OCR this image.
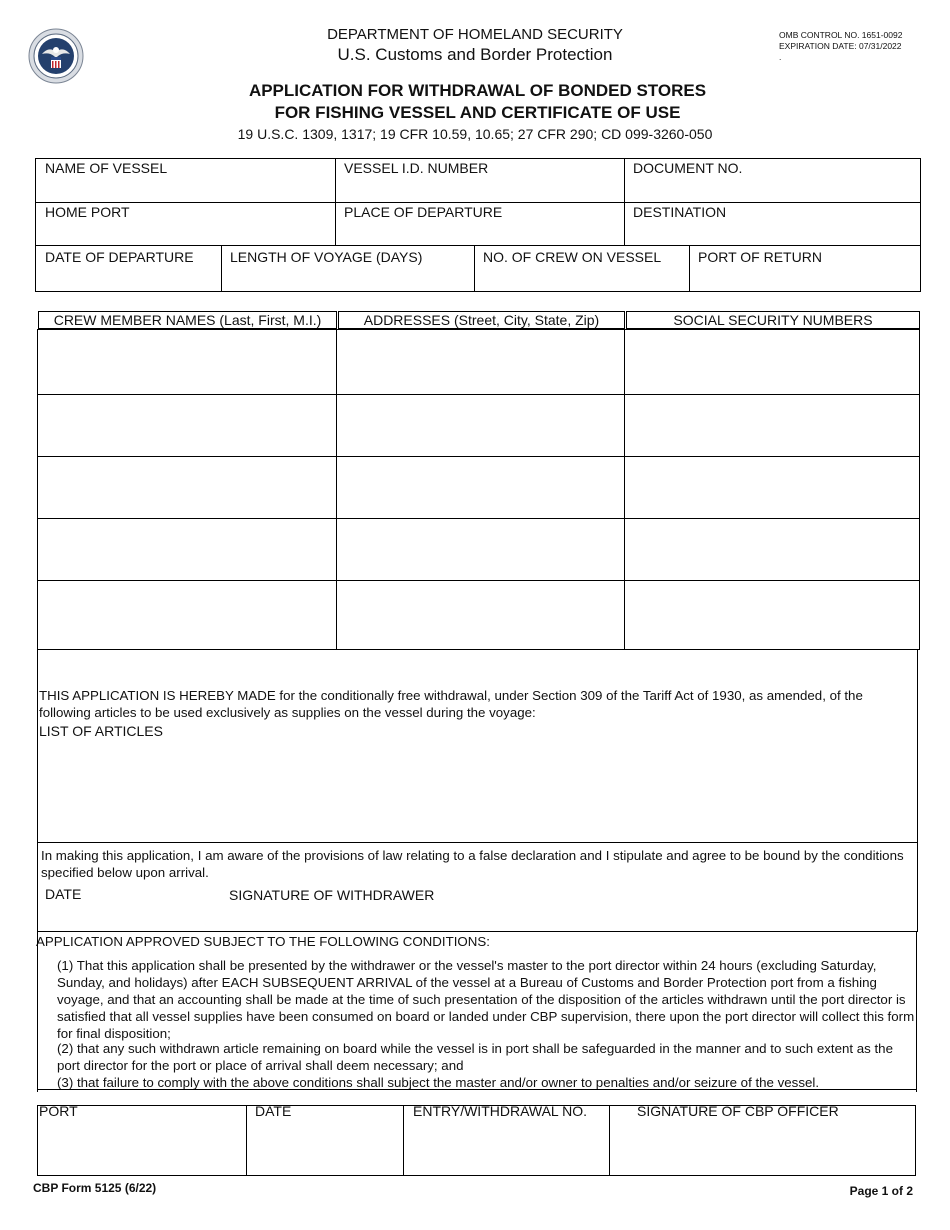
DEPARTMENT OF HOMELAND SECURITY
U.S. Customs and Border Protection
OMB CONTROL NO. 1651-0092
EXPIRATION DATE: 07/31/2022
.
APPLICATION FOR WITHDRAWAL OF BONDED STORES
FOR FISHING VESSEL AND CERTIFICATE OF USE
19 U.S.C. 1309, 1317; 19 CFR 10.59, 10.65; 27 CFR 290; CD 099-3260-050
NAME OF VESSEL	VESSEL I.D. NUMBER	DOCUMENT NO.
HOME PORT	PLACE OF DEPARTURE	DESTINATION
DATE OF DEPARTURE	LENGTH OF VOYAGE (DAYS)	NO. OF CREW ON VESSEL	PORT OF RETURN
CREW MEMBER NAMES (Last, First, M.I.)	ADDRESSES (Street, City, State, Zip)	SOCIAL SECURITY NUMBERS
THIS APPLICATION IS HEREBY MADE for the conditionally free withdrawal, under Section 309 of the Tariff Act of 1930, as amended, of the following articles to be used exclusively as supplies on the vessel during the voyage:
LIST OF ARTICLES
In making this application, I am aware of the provisions of law relating to a false declaration and I stipulate and agree to be bound by the conditions specified below upon arrival.
DATE	SIGNATURE OF WITHDRAWER
APPLICATION APPROVED SUBJECT TO THE FOLLOWING CONDITIONS:
(1) That this application shall be presented by the withdrawer or the vessel's master to the port director within 24 hours (excluding Saturday, Sunday, and holidays) after EACH SUBSEQUENT ARRIVAL of the vessel at a Bureau of Customs and Border Protection port from a fishing voyage, and that an accounting shall be made at the time of such presentation of the disposition of the articles withdrawn until the port director is satisfied that all vessel supplies have been consumed on board or landed under CBP supervision, there upon the port director will collect this form for final disposition;
(2) that any such withdrawn article remaining on board while the vessel is in port shall be safeguarded in the manner and to such extent as the port director for the port or place of arrival shall deem necessary; and
(3) that failure to comply with the above conditions shall subject the master and/or owner to penalties and/or seizure of the vessel.
PORT	DATE	ENTRY/WITHDRAWAL NO.	SIGNATURE OF CBP OFFICER
CBP Form 5125 (6/22)	Page 1 of 2
